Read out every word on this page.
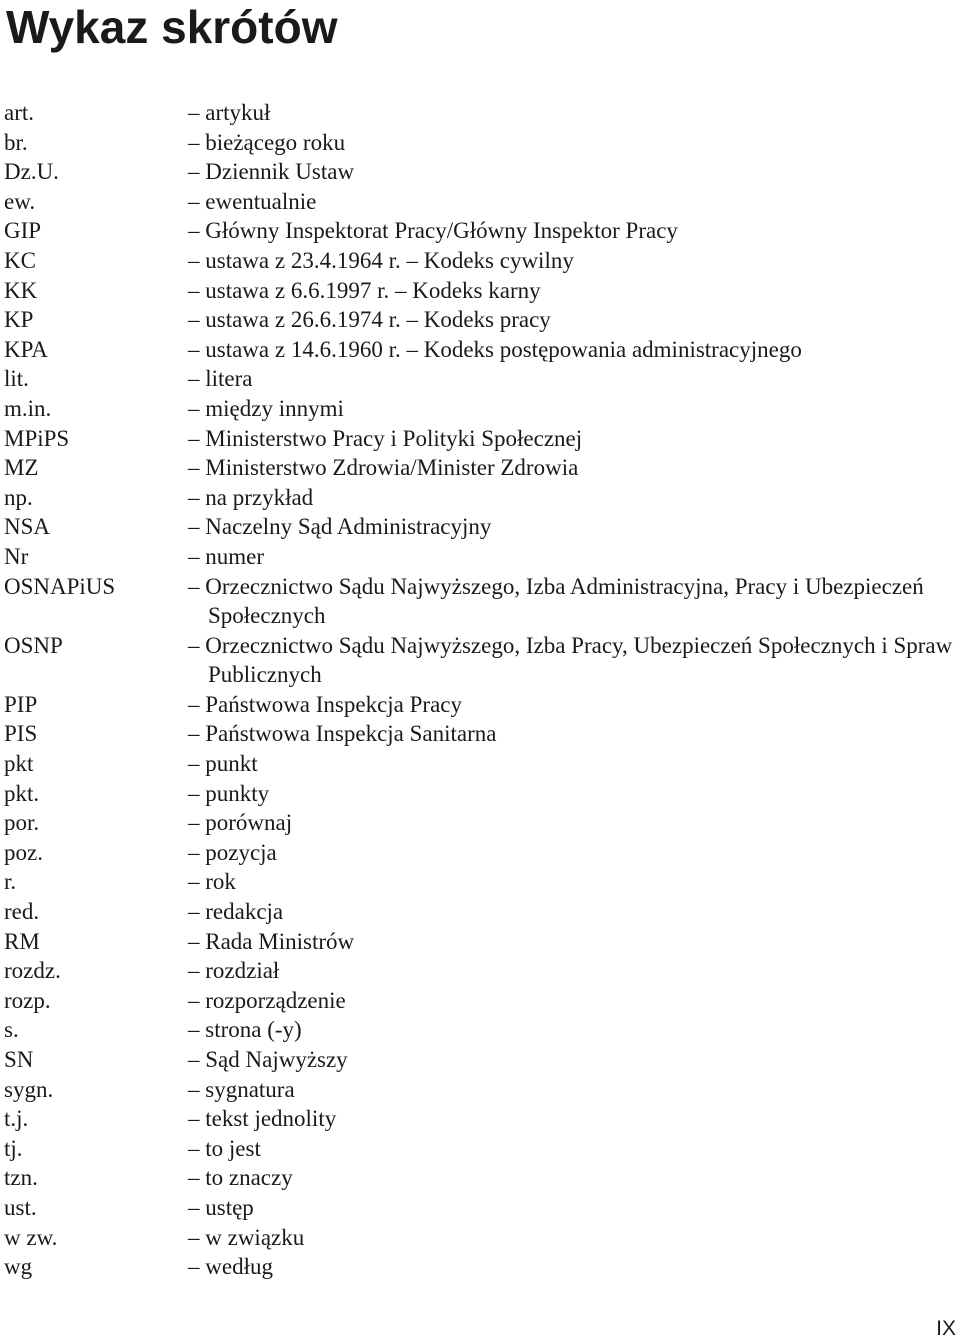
Wykaz skrótów
art.	– artykuł
br.	– bieżącego roku
Dz.U.	– Dziennik Ustaw
ew.	– ewentualnie
GIP	– Główny Inspektorat Pracy/Główny Inspektor Pracy
KC	– ustawa z 23.4.1964 r. – Kodeks cywilny
KK	– ustawa z 6.6.1997 r. – Kodeks karny
KP	– ustawa z 26.6.1974 r. – Kodeks pracy
KPA	– ustawa z 14.6.1960 r. – Kodeks postępowania administracyjnego
lit.	– litera
m.in.	– między innymi
MPiPS	– Ministerstwo Pracy i Polityki Społecznej
MZ	– Ministerstwo Zdrowia/Minister Zdrowia
np.	– na przykład
NSA	– Naczelny Sąd Administracyjny
Nr	– numer
OSNAPiUS	– Orzecznictwo Sądu Najwyższego, Izba Administracyjna, Pracy i Ubezpieczeń Społecznych
OSNP	– Orzecznictwo Sądu Najwyższego, Izba Pracy, Ubezpieczeń Społecznych i Spraw Publicznych
PIP	– Państwowa Inspekcja Pracy
PIS	– Państwowa Inspekcja Sanitarna
pkt	– punkt
pkt.	– punkty
por.	– porównaj
poz.	– pozycja
r.	– rok
red.	– redakcja
RM	– Rada Ministrów
rozdz.	– rozdział
rozp.	– rozporządzenie
s.	– strona (-y)
SN	– Sąd Najwyższy
sygn.	– sygnatura
t.j.	– tekst jednolity
tj.	– to jest
tzn.	– to znaczy
ust.	– ustęp
w zw.	– w związku
wg	– według
IX
